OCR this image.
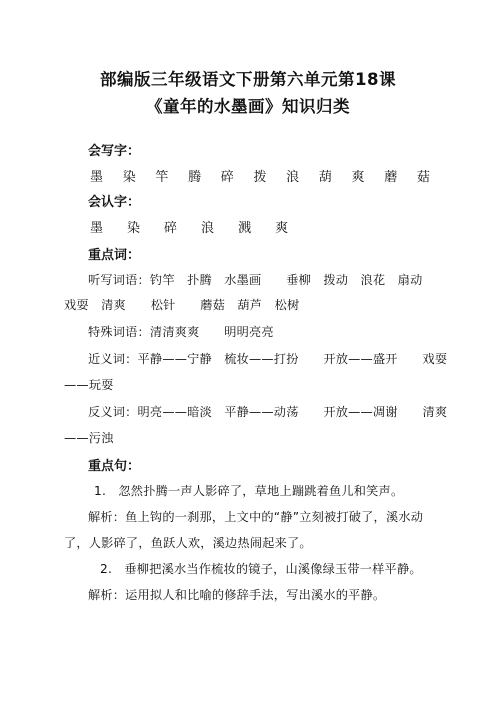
部编版三年级语文下册第六单元第18课
《童年的水墨画》知识归类
会写字：
墨 染 竿 腾 碎 拨 浪 葫 爽 蘑 菇
会认字：
墨 染 碎 浪 溅 爽
重点词：
听写词语：钓竿　扑腾　水墨画　　垂柳　拨动　浪花　扇动
戏耍　清爽　　松针　　蘑菇　葫芦　松树
特殊词语：清清爽爽　　明明亮亮
近义词：平静——宁静　梳妆——打扮　　开放——盛开　　戏耍
——玩耍
反义词：明亮——暗淡　平静——动荡　　开放——凋谢　　清爽
——污浊
重点句：
1.　忽然扑腾一声人影碎了，草地上蹦跳着鱼儿和笑声。
解析：鱼上钩的一刹那，上文中的“静”立刻被打破了，溪水动
了，人影碎了，鱼跃人欢，溪边热闹起来了。
2.　垂柳把溪水当作梳妆的镜子，山溪像绿玉带一样平静。
解析：运用拟人和比喻的修辞手法，写出溪水的平静。
